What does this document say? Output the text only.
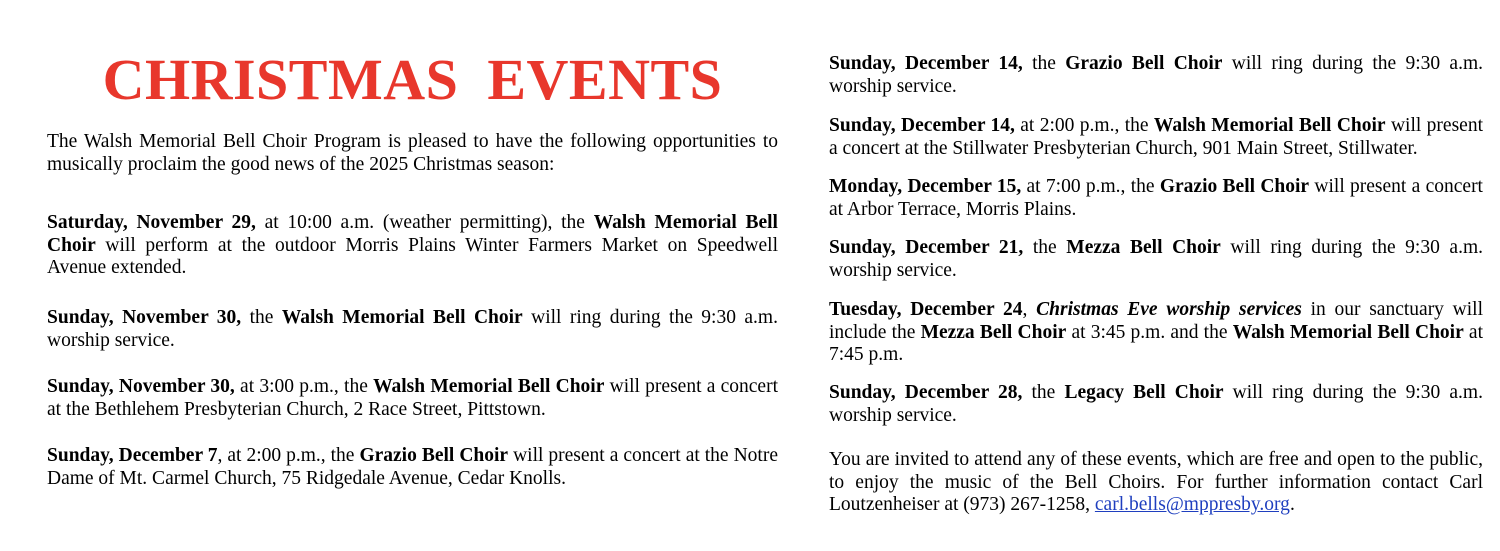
CHRISTMAS EVENTS

The Walsh Memorial Bell Choir Program is pleased to have the following opportunities to musically proclaim the good news of the 2025 Christmas season:

Saturday, November 29, at 10:00 a.m. (weather permitting), the Walsh Memorial Bell Choir will perform at the outdoor Morris Plains Winter Farmers Market on Speedwell Avenue extended.

Sunday, November 30, the Walsh Memorial Bell Choir will ring during the 9:30 a.m. worship service.

Sunday, November 30, at 3:00 p.m., the Walsh Memorial Bell Choir will present a concert at the Bethlehem Presbyterian Church, 2 Race Street, Pittstown.

Sunday, December 7, at 2:00 p.m., the Grazio Bell Choir will present a concert at the Notre Dame of Mt. Carmel Church, 75 Ridgedale Avenue, Cedar Knolls.

Sunday, December 14, the Grazio Bell Choir will ring during the 9:30 a.m. worship service.

Sunday, December 14, at 2:00 p.m., the Walsh Memorial Bell Choir will present a concert at the Stillwater Presbyterian Church, 901 Main Street, Stillwater.

Monday, December 15, at 7:00 p.m., the Grazio Bell Choir will present a concert at Arbor Terrace, Morris Plains.

Sunday, December 21, the Mezza Bell Choir will ring during the 9:30 a.m. worship service.

Tuesday, December 24, Christmas Eve worship services in our sanctuary will include the Mezza Bell Choir at 3:45 p.m. and the Walsh Memorial Bell Choir at 7:45 p.m.

Sunday, December 28, the Legacy Bell Choir will ring during the 9:30 a.m. worship service.

You are invited to attend any of these events, which are free and open to the public, to enjoy the music of the Bell Choirs. For further information contact Carl Loutzenheiser at (973) 267-1258, carl.bells@mppresby.org.
